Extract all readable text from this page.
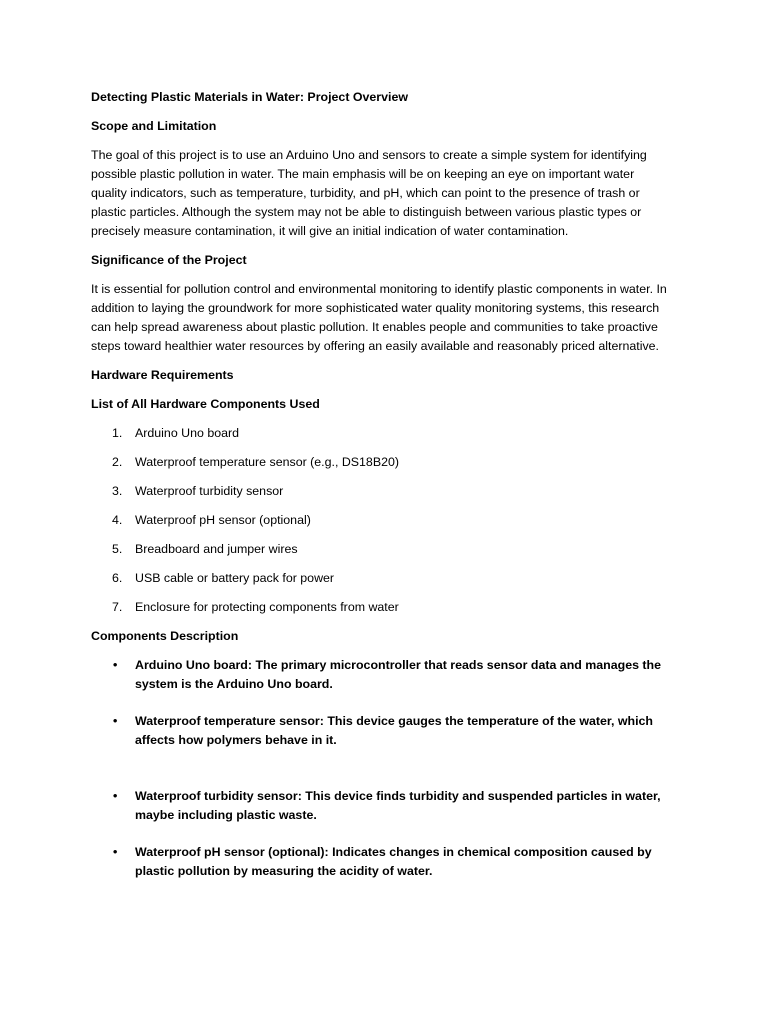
Detecting Plastic Materials in Water: Project Overview

Scope and Limitation

The goal of this project is to use an Arduino Uno and sensors to create a simple system for identifying possible plastic pollution in water. The main emphasis will be on keeping an eye on important water quality indicators, such as temperature, turbidity, and pH, which can point to the presence of trash or plastic particles. Although the system may not be able to distinguish between various plastic types or precisely measure contamination, it will give an initial indication of water contamination.

Significance of the Project

It is essential for pollution control and environmental monitoring to identify plastic components in water. In addition to laying the groundwork for more sophisticated water quality monitoring systems, this research can help spread awareness about plastic pollution. It enables people and communities to take proactive steps toward healthier water resources by offering an easily available and reasonably priced alternative.

Hardware Requirements

List of All Hardware Components Used

1. Arduino Uno board
2. Waterproof temperature sensor (e.g., DS18B20)
3. Waterproof turbidity sensor
4. Waterproof pH sensor (optional)
5. Breadboard and jumper wires
6. USB cable or battery pack for power
7. Enclosure for protecting components from water

Components Description

• Arduino Uno board: The primary microcontroller that reads sensor data and manages the system is the Arduino Uno board.
• Waterproof temperature sensor: This device gauges the temperature of the water, which affects how polymers behave in it.
• Waterproof turbidity sensor: This device finds turbidity and suspended particles in water, maybe including plastic waste.
• Waterproof pH sensor (optional): Indicates changes in chemical composition caused by plastic pollution by measuring the acidity of water.
